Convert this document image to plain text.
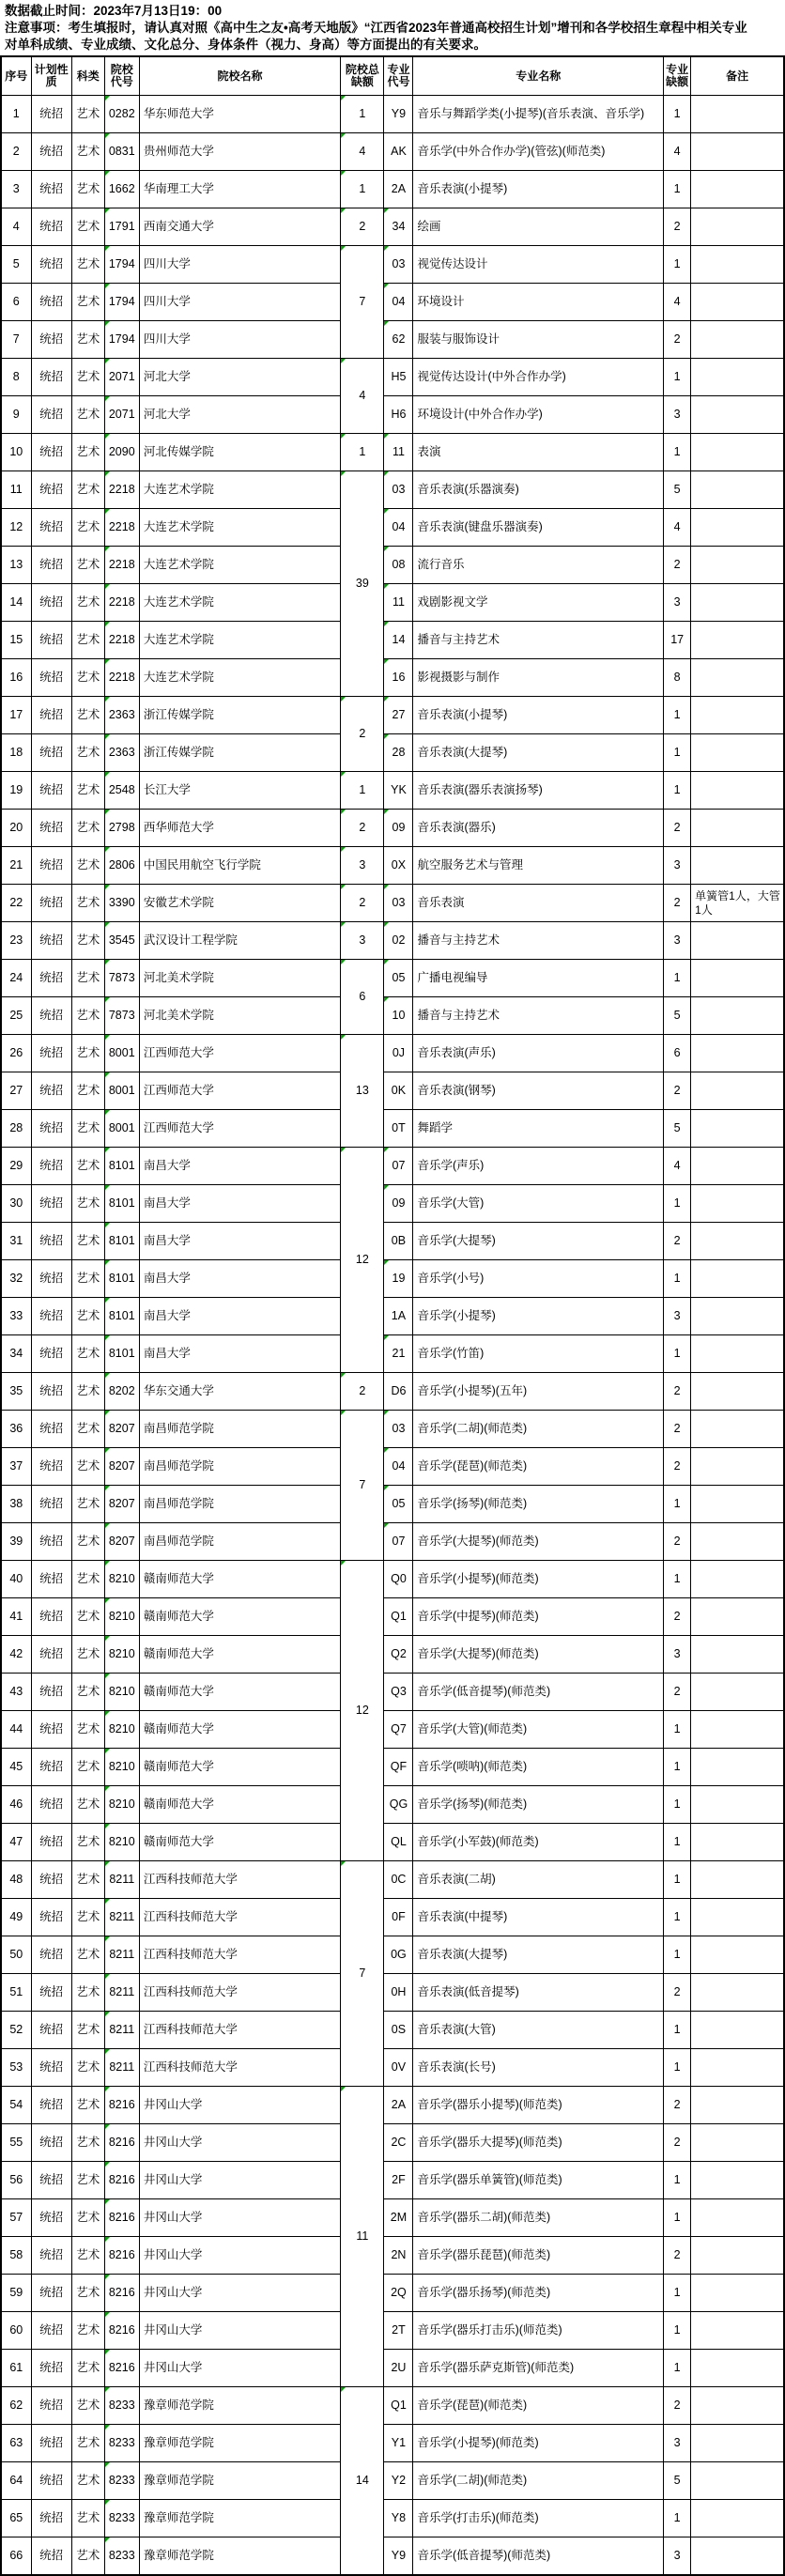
数据截止时间：2023年7月13日19：00
注意事项：考生填报时，请认真对照《高中生之友•高考天地版》“江西省2023年普通高校招生计划”增刊和各学校招生章程中相关专业
对单科成绩、专业成绩、文化总分、身体条件（视力、身高）等方面提出的有关要求。
序号	计划性质	科类	院校代号	院校名称	院校总缺额	专业代号	专业名称	专业缺额	备注
1	统招	艺术	0282	华东师范大学	1	Y9	音乐与舞蹈学类(小提琴)(音乐表演、音乐学)	1	
2	统招	艺术	0831	贵州师范大学	4	AK	音乐学(中外合作办学)(管弦)(师范类)	4	
3	统招	艺术	1662	华南理工大学	1	2A	音乐表演(小提琴)	1	
4	统招	艺术	1791	西南交通大学	2	34	绘画	2	
5	统招	艺术	1794	四川大学	7	03	视觉传达设计	1	
6	统招	艺术	1794	四川大学		04	环境设计	4	
7	统招	艺术	1794	四川大学		62	服装与服饰设计	2	
8	统招	艺术	2071	河北大学	4	H5	视觉传达设计(中外合作办学)	1	
9	统招	艺术	2071	河北大学		H6	环境设计(中外合作办学)	3	
10	统招	艺术	2090	河北传媒学院	1	11	表演	1	
11	统招	艺术	2218	大连艺术学院	39	03	音乐表演(乐器演奏)	5	
12	统招	艺术	2218	大连艺术学院		04	音乐表演(键盘乐器演奏)	4	
13	统招	艺术	2218	大连艺术学院		08	流行音乐	2	
14	统招	艺术	2218	大连艺术学院		11	戏剧影视文学	3	
15	统招	艺术	2218	大连艺术学院		14	播音与主持艺术	17	
16	统招	艺术	2218	大连艺术学院		16	影视摄影与制作	8	
17	统招	艺术	2363	浙江传媒学院	2	27	音乐表演(小提琴)	1	
18	统招	艺术	2363	浙江传媒学院		28	音乐表演(大提琴)	1	
19	统招	艺术	2548	长江大学	1	YK	音乐表演(器乐表演扬琴)	1	
20	统招	艺术	2798	西华师范大学	2	09	音乐表演(器乐)	2	
21	统招	艺术	2806	中国民用航空飞行学院	3	0X	航空服务艺术与管理	3	
22	统招	艺术	3390	安徽艺术学院	2	03	音乐表演	2	单簧管1人，大管1人
23	统招	艺术	3545	武汉设计工程学院	3	02	播音与主持艺术	3	
24	统招	艺术	7873	河北美术学院	6	05	广播电视编导	1	
25	统招	艺术	7873	河北美术学院		10	播音与主持艺术	5	
26	统招	艺术	8001	江西师范大学	13	0J	音乐表演(声乐)	6	
27	统招	艺术	8001	江西师范大学		0K	音乐表演(钢琴)	2	
28	统招	艺术	8001	江西师范大学		0T	舞蹈学	5	
29	统招	艺术	8101	南昌大学	12	07	音乐学(声乐)	4	
30	统招	艺术	8101	南昌大学		09	音乐学(大管)	1	
31	统招	艺术	8101	南昌大学		0B	音乐学(大提琴)	2	
32	统招	艺术	8101	南昌大学		19	音乐学(小号)	1	
33	统招	艺术	8101	南昌大学		1A	音乐学(小提琴)	3	
34	统招	艺术	8101	南昌大学		21	音乐学(竹笛)	1	
35	统招	艺术	8202	华东交通大学	2	D6	音乐学(小提琴)(五年)	2	
36	统招	艺术	8207	南昌师范学院	7	03	音乐学(二胡)(师范类)	2	
37	统招	艺术	8207	南昌师范学院		04	音乐学(琵琶)(师范类)	2	
38	统招	艺术	8207	南昌师范学院		05	音乐学(扬琴)(师范类)	1	
39	统招	艺术	8207	南昌师范学院		07	音乐学(大提琴)(师范类)	2	
40	统招	艺术	8210	赣南师范大学	12	Q0	音乐学(小提琴)(师范类)	1	
41	统招	艺术	8210	赣南师范大学		Q1	音乐学(中提琴)(师范类)	2	
42	统招	艺术	8210	赣南师范大学		Q2	音乐学(大提琴)(师范类)	3	
43	统招	艺术	8210	赣南师范大学		Q3	音乐学(低音提琴)(师范类)	2	
44	统招	艺术	8210	赣南师范大学		Q7	音乐学(大管)(师范类)	1	
45	统招	艺术	8210	赣南师范大学		QF	音乐学(唢呐)(师范类)	1	
46	统招	艺术	8210	赣南师范大学		QG	音乐学(扬琴)(师范类)	1	
47	统招	艺术	8210	赣南师范大学		QL	音乐学(小军鼓)(师范类)	1	
48	统招	艺术	8211	江西科技师范大学	7	0C	音乐表演(二胡)	1	
49	统招	艺术	8211	江西科技师范大学		0F	音乐表演(中提琴)	1	
50	统招	艺术	8211	江西科技师范大学		0G	音乐表演(大提琴)	1	
51	统招	艺术	8211	江西科技师范大学		0H	音乐表演(低音提琴)	2	
52	统招	艺术	8211	江西科技师范大学		0S	音乐表演(大管)	1	
53	统招	艺术	8211	江西科技师范大学		0V	音乐表演(长号)	1	
54	统招	艺术	8216	井冈山大学	11	2A	音乐学(器乐小提琴)(师范类)	2	
55	统招	艺术	8216	井冈山大学		2C	音乐学(器乐大提琴)(师范类)	2	
56	统招	艺术	8216	井冈山大学		2F	音乐学(器乐单簧管)(师范类)	1	
57	统招	艺术	8216	井冈山大学		2M	音乐学(器乐二胡)(师范类)	1	
58	统招	艺术	8216	井冈山大学		2N	音乐学(器乐琵琶)(师范类)	2	
59	统招	艺术	8216	井冈山大学		2Q	音乐学(器乐扬琴)(师范类)	1	
60	统招	艺术	8216	井冈山大学		2T	音乐学(器乐打击乐)(师范类)	1	
61	统招	艺术	8216	井冈山大学		2U	音乐学(器乐萨克斯管)(师范类)	1	
62	统招	艺术	8233	豫章师范学院	14	Q1	音乐学(琵琶)(师范类)	2	
63	统招	艺术	8233	豫章师范学院		Y1	音乐学(小提琴)(师范类)	3	
64	统招	艺术	8233	豫章师范学院		Y2	音乐学(二胡)(师范类)	5	
65	统招	艺术	8233	豫章师范学院		Y8	音乐学(打击乐)(师范类)	1	
66	统招	艺术	8233	豫章师范学院		Y9	音乐学(低音提琴)(师范类)	3	
